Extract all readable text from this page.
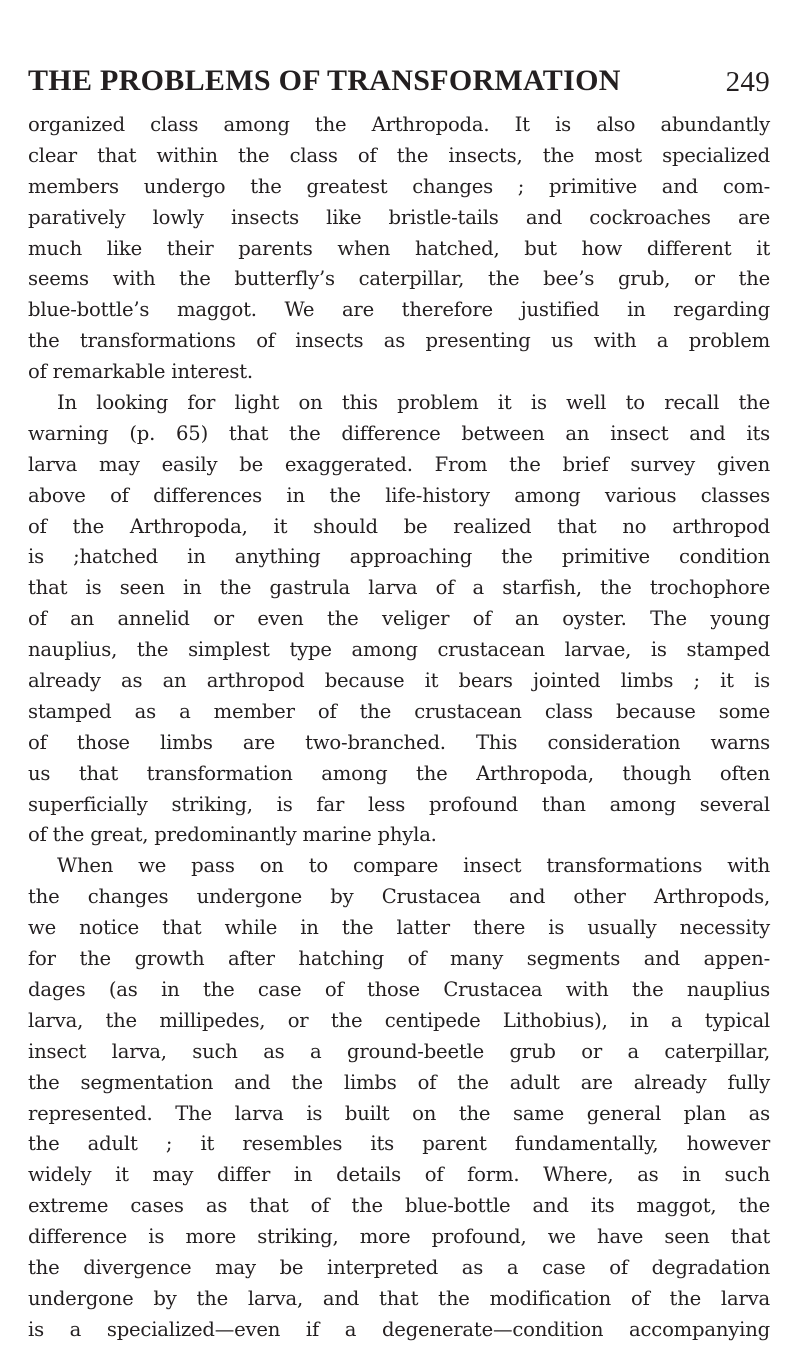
THE PROBLEMS OF TRANSFORMATION	249
organized class among the Arthropoda. It is also abundantly
clear that within the class of the insects, the most specialized
members undergo the greatest changes ; primitive and com-
paratively lowly insects like bristle-tails and cockroaches are
much like their parents when hatched, but how different it
seems with the butterfly’s caterpillar, the bee’s grub, or the
blue-bottle’s maggot. We are therefore justified in regarding
the transformations of insects as presenting us with a problem
of remarkable interest.
In looking for light on this problem it is well to recall the
warning (p. 65) that the difference between an insect and its
larva may easily be exaggerated. From the brief survey given
above of differences in the life-history among various classes
of the Arthropoda, it should be realized that no arthropod
is ;hatched in anything approaching the primitive condition
that is seen in the gastrula larva of a starfish, the trochophore
of an annelid or even the veliger of an oyster. The young
nauplius, the simplest type among crustacean larvae, is stamped
already as an arthropod because it bears jointed limbs ; it is
stamped as a member of the crustacean class because some
of those limbs are two-branched. This consideration warns
us that transformation among the Arthropoda, though often
superficially striking, is far less profound than among several
of the great, predominantly marine phyla.
When we pass on to compare insect transformations with
the changes undergone by Crustacea and other Arthropods,
we notice that while in the latter there is usually necessity
for the growth after hatching of many segments and appen-
dages (as in the case of those Crustacea with the nauplius
larva, the millipedes, or the centipede Lithobius), in a typical
insect larva, such as a ground-beetle grub or a caterpillar,
the segmentation and the limbs of the adult are already fully
represented. The larva is built on the same general plan as
the adult ; it resembles its parent fundamentally, however
widely it may differ in details of form. Where, as in such
extreme cases as that of the blue-bottle and its maggot, the
difference is more striking, more profound, we have seen that
the divergence may be interpreted as a case of degradation
undergone by the larva, and that the modification of the larva
is a specialized—even if a degenerate—condition accompanying
